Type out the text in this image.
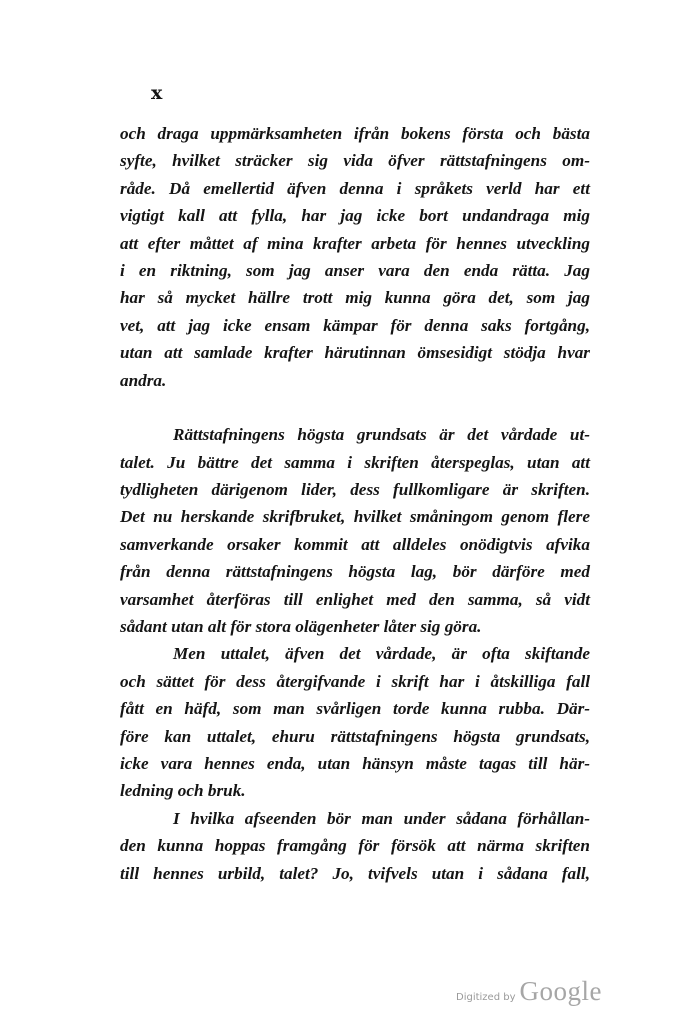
x
och draga uppmärksamheten ifrån bokens första och bästa
syfte, hvilket sträcker sig vida öfver rättstafningens om-
råde. Då emellertid äfven denna i språkets verld har ett
vigtigt kall att fylla, har jag icke bort undandraga mig
att efter måttet af mina krafter arbeta för hennes utveckling
i en riktning, som jag anser vara den enda rätta. Jag
har så mycket hällre trott mig kunna göra det, som jag
vet, att jag icke ensam kämpar för denna saks fortgång,
utan att samlade krafter härutinnan ömsesidigt stödja hvar
andra.
Rättstafningens högsta grundsats är det vårdade ut-
talet. Ju bättre det samma i skriften återspeglas, utan att
tydligheten därigenom lider, dess fullkomligare är skriften.
Det nu herskande skrifbruket, hvilket småningom genom flere
samverkande orsaker kommit att alldeles onödigtvis afvika
från denna rättstafningens högsta lag, bör därföre med
varsamhet återföras till enlighet med den samma, så vidt
sådant utan alt för stora olägenheter låter sig göra.
Men uttalet, äfven det vårdade, är ofta skiftande
och sättet för dess återgifvande i skrift har i åtskilliga fall
fått en häfd, som man svårligen torde kunna rubba. Där-
före kan uttalet, ehuru rättstafningens högsta grundsats,
icke vara hennes enda, utan hänsyn måste tagas till här-
ledning och bruk.
I hvilka afseenden bör man under sådana förhållan-
den kunna hoppas framgång för försök att närma skriften
till hennes urbild, talet? Jo, tvifvels utan i sådana fall,
Digitized by Google
